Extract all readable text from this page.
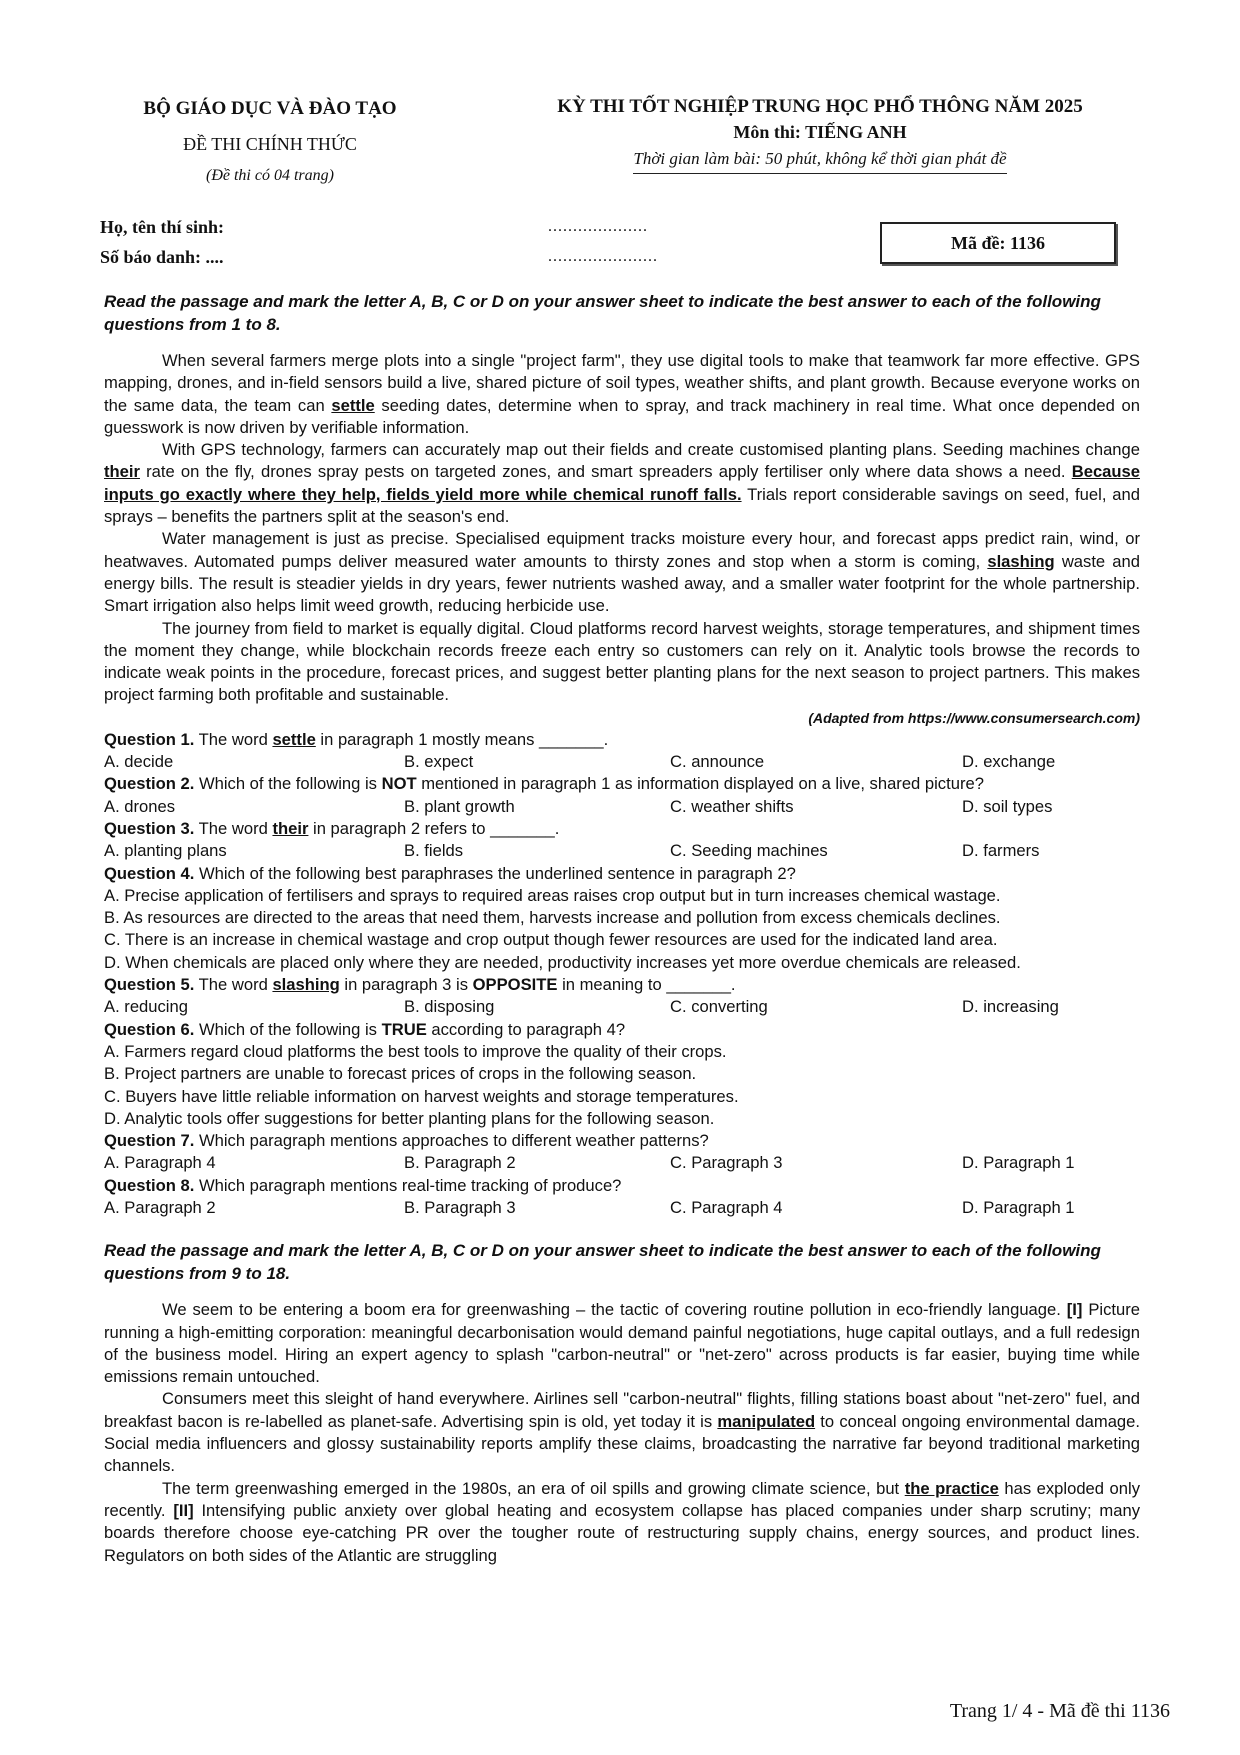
BỘ GIÁO DỤC VÀ ĐÀO TẠO
ĐỀ THI CHÍNH THỨC
(Đề thi có 04 trang)
KỲ THI TỐT NGHIỆP TRUNG HỌC PHỔ THÔNG NĂM 2025
Môn thi: TIẾNG ANH
Thời gian làm bài: 50 phút, không kể thời gian phát đề
Họ, tên thí sinh:
Số báo danh: ....
....................
......................
Mã đề: 1136

Read the passage and mark the letter A, B, C or D on your answer sheet to indicate the best answer to each of the following questions from 1 to 8.

When several farmers merge plots into a single "project farm", they use digital tools to make that teamwork far more effective. GPS mapping, drones, and in-field sensors build a live, shared picture of soil types, weather shifts, and plant growth. Because everyone works on the same data, the team can settle seeding dates, determine when to spray, and track machinery in real time. What once depended on guesswork is now driven by verifiable information.

With GPS technology, farmers can accurately map out their fields and create customised planting plans. Seeding machines change their rate on the fly, drones spray pests on targeted zones, and smart spreaders apply fertiliser only where data shows a need. Because inputs go exactly where they help, fields yield more while chemical runoff falls. Trials report considerable savings on seed, fuel, and sprays – benefits the partners split at the season's end.

Water management is just as precise. Specialised equipment tracks moisture every hour, and forecast apps predict rain, wind, or heatwaves. Automated pumps deliver measured water amounts to thirsty zones and stop when a storm is coming, slashing waste and energy bills. The result is steadier yields in dry years, fewer nutrients washed away, and a smaller water footprint for the whole partnership. Smart irrigation also helps limit weed growth, reducing herbicide use.

The journey from field to market is equally digital. Cloud platforms record harvest weights, storage temperatures, and shipment times the moment they change, while blockchain records freeze each entry so customers can rely on it. Analytic tools browse the records to indicate weak points in the procedure, forecast prices, and suggest better planting plans for the next season to project partners. This makes project farming both profitable and sustainable.

(Adapted from https://www.consumersearch.com)

Question 1. The word settle in paragraph 1 mostly means _______.

A. decide	B. expect	C. announce	D. exchange

Question 2. Which of the following is NOT mentioned in paragraph 1 as information displayed on a live, shared picture?

A. drones	B. plant growth	C. weather shifts	D. soil types

Question 3. The word their in paragraph 2 refers to _______.

A. planting plans	B. fields	C. Seeding machines	D. farmers

Question 4. Which of the following best paraphrases the underlined sentence in paragraph 2?

A. Precise application of fertilisers and sprays to required areas raises crop output but in turn increases chemical wastage.

B. As resources are directed to the areas that need them, harvests increase and pollution from excess chemicals declines.

C. There is an increase in chemical wastage and crop output though fewer resources are used for the indicated land area.

D. When chemicals are placed only where they are needed, productivity increases yet more overdue chemicals are released.

Question 5. The word slashing in paragraph 3 is OPPOSITE in meaning to _______.

A. reducing	B. disposing	C. converting	D. increasing

Question 6. Which of the following is TRUE according to paragraph 4?

A. Farmers regard cloud platforms the best tools to improve the quality of their crops.

B. Project partners are unable to forecast prices of crops in the following season.

C. Buyers have little reliable information on harvest weights and storage temperatures.

D. Analytic tools offer suggestions for better planting plans for the following season.

Question 7. Which paragraph mentions approaches to different weather patterns?

A. Paragraph 4	B. Paragraph 2	C. Paragraph 3	D. Paragraph 1

Question 8. Which paragraph mentions real-time tracking of produce?

A. Paragraph 2	B. Paragraph 3	C. Paragraph 4	D. Paragraph 1

Read the passage and mark the letter A, B, C or D on your answer sheet to indicate the best answer to each of the following questions from 9 to 18.

We seem to be entering a boom era for greenwashing – the tactic of covering routine pollution in eco-friendly language. [I] Picture running a high-emitting corporation: meaningful decarbonisation would demand painful negotiations, huge capital outlays, and a full redesign of the business model. Hiring an expert agency to splash "carbon-neutral" or "net-zero" across products is far easier, buying time while emissions remain untouched.

Consumers meet this sleight of hand everywhere. Airlines sell "carbon-neutral" flights, filling stations boast about "net-zero" fuel, and breakfast bacon is re-labelled as planet-safe. Advertising spin is old, yet today it is manipulated to conceal ongoing environmental damage. Social media influencers and glossy sustainability reports amplify these claims, broadcasting the narrative far beyond traditional marketing channels.

The term greenwashing emerged in the 1980s, an era of oil spills and growing climate science, but the practice has exploded only recently. [II] Intensifying public anxiety over global heating and ecosystem collapse has placed companies under sharp scrutiny; many boards therefore choose eye-catching PR over the tougher route of restructuring supply chains, energy sources, and product lines. Regulators on both sides of the Atlantic are struggling

Trang 1/ 4 - Mã đề thi 1136
